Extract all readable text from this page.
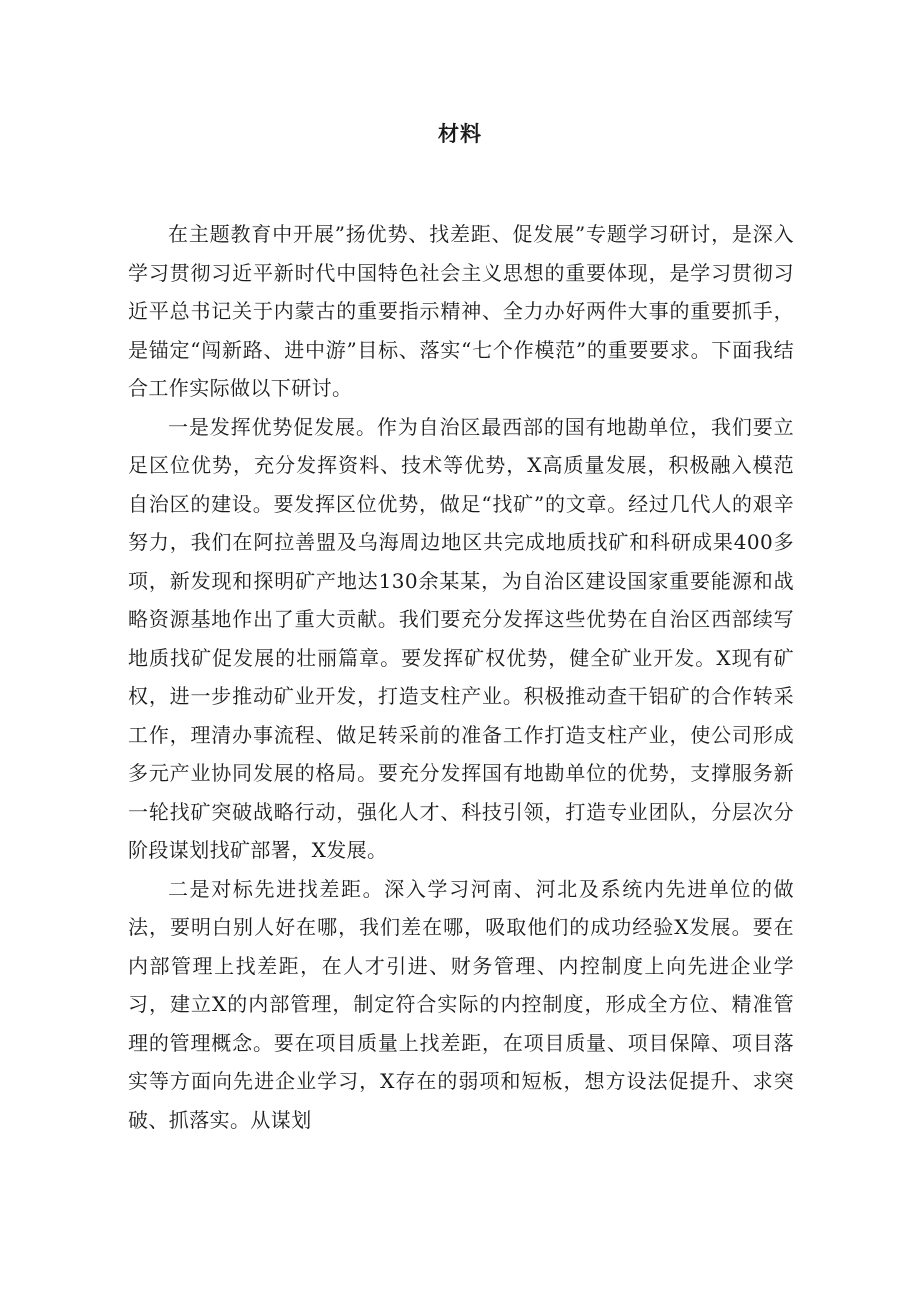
材料

在主题教育中开展”扬优势、找差距、促发展”专题学习研讨，是深入学习贯彻习近平新时代中国特色社会主义思想的重要体现，是学习贯彻习近平总书记关于内蒙古的重要指示精神、全力办好两件大事的重要抓手，是锚定“闯新路、进中游”目标、落实“七个作模范”的重要要求。下面我结合工作实际做以下研讨。

一是发挥优势促发展。作为自治区最西部的国有地勘单位，我们要立足区位优势，充分发挥资料、技术等优势，X高质量发展，积极融入模范自治区的建设。要发挥区位优势，做足“找矿”的文章。经过几代人的艰辛努力，我们在阿拉善盟及乌海周边地区共完成地质找矿和科研成果400多项，新发现和探明矿产地达130余某某，为自治区建设国家重要能源和战略资源基地作出了重大贡献。我们要充分发挥这些优势在自治区西部续写地质找矿促发展的壮丽篇章。要发挥矿权优势，健全矿业开发。X现有矿权，进一步推动矿业开发，打造支柱产业。积极推动查干铝矿的合作转采工作，理清办事流程、做足转采前的准备工作打造支柱产业，使公司形成多元产业协同发展的格局。要充分发挥国有地勘单位的优势，支撑服务新一轮找矿突破战略行动，强化人才、科技引领，打造专业团队，分层次分阶段谋划找矿部署，X发展。

二是对标先进找差距。深入学习河南、河北及系统内先进单位的做法，要明白别人好在哪，我们差在哪，吸取他们的成功经验X发展。要在内部管理上找差距，在人才引进、财务管理、内控制度上向先进企业学习，建立X的内部管理，制定符合实际的内控制度，形成全方位、精准管理的管理概念。要在项目质量上找差距，在项目质量、项目保障、项目落实等方面向先进企业学习，X存在的弱项和短板，想方设法促提升、求突破、抓落实。从谋划
